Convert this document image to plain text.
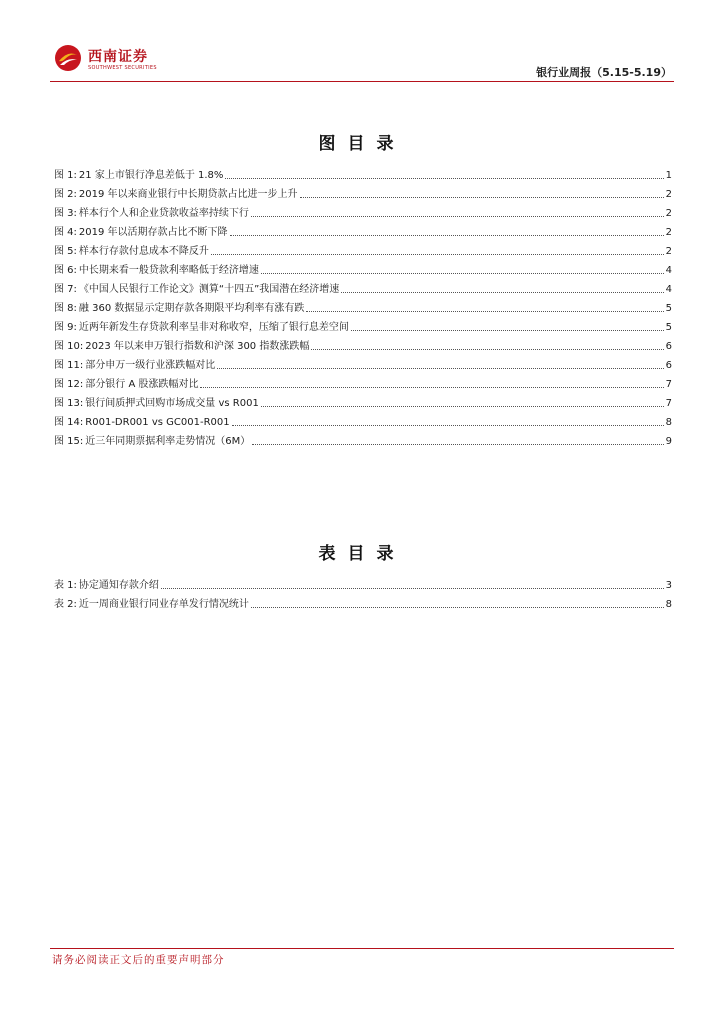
西南证券
SOUTHWEST SECURITIES	银行业周报（5.15-5.19）
图目录
图 1: 21 家上市银行净息差低于 1.8%	1
图 2: 2019 年以来商业银行中长期贷款占比进一步上升	2
图 3: 样本行个人和企业贷款收益率持续下行	2
图 4: 2019 年以活期存款占比不断下降	2
图 5: 样本行存款付息成本不降反升	2
图 6: 中长期来看一般贷款利率略低于经济增速	4
图 7: 《中国人民银行工作论文》测算“十四五”我国潜在经济增速	4
图 8: 融 360 数据显示定期存款各期限平均利率有涨有跌	5
图 9: 近两年新发生存贷款利率呈非对称收窄，压缩了银行息差空间	5
图 10: 2023 年以来申万银行指数和沪深 300 指数涨跌幅	6
图 11: 部分申万一级行业涨跌幅对比	6
图 12: 部分银行 A 股涨跌幅对比	7
图 13: 银行间质押式回购市场成交量 vs R001	7
图 14: R001-DR001 vs GC001-R001	8
图 15: 近三年同期票据利率走势情况（6M）	9
表目录
表 1: 协定通知存款介绍	3
表 2: 近一周商业银行同业存单发行情况统计	8
请务必阅读正文后的重要声明部分
